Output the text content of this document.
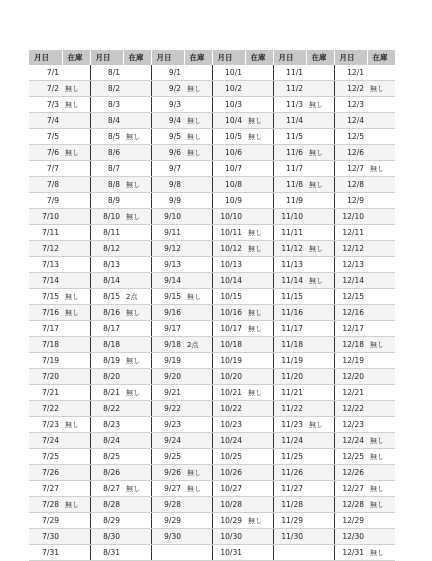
月日	在庫	月日	在庫	月日	在庫	月日	在庫	月日	在庫	月日	在庫
7/1		8/1		9/1		10/1		11/1		12/1	
7/2	無し	8/2		9/2	無し	10/2		11/2		12/2	無し
7/3	無し	8/3		9/3		10/3		11/3	無し	12/3	
7/4		8/4		9/4	無し	10/4	無し	11/4		12/4	
7/5		8/5	無し	9/5	無し	10/5	無し	11/5		12/5	
7/6	無し	8/6		9/6	無し	10/6		11/6	無し	12/6	
7/7		8/7		9/7		10/7		11/7		12/7	無し
7/8		8/8	無し	9/8		10/8		11/8	無し	12/8	
7/9		8/9		9/9		10/9		11/9		12/9	
7/10		8/10	無し	9/10		10/10		11/10		12/10	
7/11		8/11		9/11		10/11	無し	11/11		12/11	
7/12		8/12		9/12		10/12	無し	11/12	無し	12/12	
7/13		8/13		9/13		10/13		11/13		12/13	
7/14		8/14		9/14		10/14		11/14	無し	12/14	
7/15	無し	8/15	2点	9/15	無し	10/15		11/15		12/15	
7/16	無し	8/16	無し	9/16		10/16	無し	11/16		12/16	
7/17		8/17		9/17		10/17	無し	11/17		12/17	
7/18		8/18		9/18	2点	10/18		11/18		12/18	無し
7/19		8/19	無し	9/19		10/19		11/19		12/19	
7/20		8/20		9/20		10/20		11/20		12/20	
7/21		8/21	無し	9/21		10/21	無し	11/21		12/21	
7/22		8/22		9/22		10/22		11/22		12/22	
7/23	無し	8/23		9/23		10/23		11/23	無し	12/23	
7/24		8/24		9/24		10/24		11/24		12/24	無し
7/25		8/25		9/25		10/25		11/25		12/25	無し
7/26		8/26		9/26	無し	10/26		11/26		12/26	
7/27		8/27	無し	9/27	無し	10/27		11/27		12/27	無し
7/28	無し	8/28		9/28		10/28		11/28		12/28	無し
7/29		8/29		9/29		10/29	無し	11/29		12/29	
7/30		8/30		9/30		10/30		11/30		12/30	
7/31		8/31				10/31				12/31	無し
